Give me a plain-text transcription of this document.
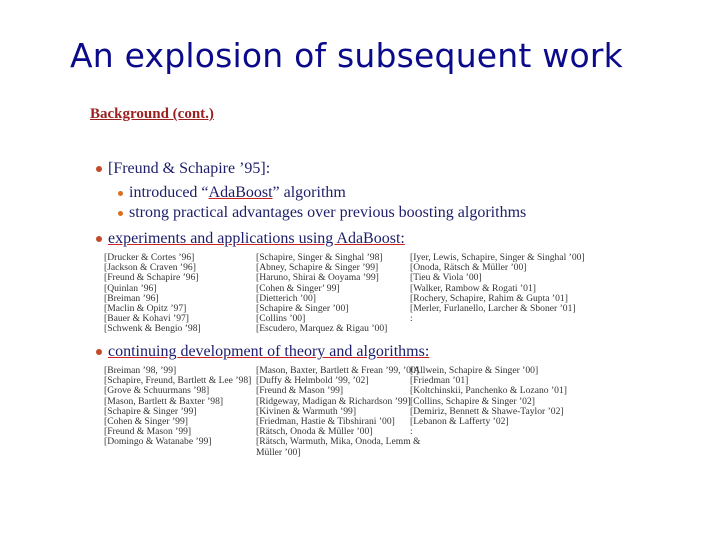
An explosion of subsequent work
Background (cont.)
[Freund & Schapire ’95]:
introduced “AdaBoost” algorithm
strong practical advantages over previous boosting algorithms
experiments and applications using AdaBoost:
[Drucker & Cortes ’96]
[Jackson & Craven ’96]
[Freund & Schapire ’96]
[Quinlan ’96]
[Breiman ’96]
[Maclin & Opitz ’97]
[Bauer & Kohavi ’97]
[Schwenk & Bengio ’98]
[Schapire, Singer & Singhal ’98]
[Abney, Schapire & Singer ’99]
[Haruno, Shirai & Ooyama ’99]
[Cohen & Singer’ 99]
[Dietterich ’00]
[Schapire & Singer ’00]
[Collins ’00]
[Escudero, Marquez & Rigau ’00]
[Iyer, Lewis, Schapire, Singer & Singhal ’00]
[Onoda, Rätsch & Müller ’00]
[Tieu & Viola ’00]
[Walker, Rambow & Rogati ’01]
[Rochery, Schapire, Rahim & Gupta ’01]
[Merler, Furlanello, Larcher & Sboner ’01]
:
continuing development of theory and algorithms:
[Breiman ’98, ’99]
[Schapire, Freund, Bartlett & Lee ’98]
[Grove & Schuurmans ’98]
[Mason, Bartlett & Baxter ’98]
[Schapire & Singer ’99]
[Cohen & Singer ’99]
[Freund & Mason ’99]
[Domingo & Watanabe ’99]
[Mason, Baxter, Bartlett & Frean ’99, ’00]
[Duffy & Helmbold ’99, ’02]
[Freund & Mason ’99]
[Ridgeway, Madigan & Richardson ’99]
[Kivinen & Warmuth ’99]
[Friedman, Hastie & Tibshirani ’00]
[Rätsch, Onoda & Müller ’00]
[Rätsch, Warmuth, Mika, Onoda, Lemm &
Müller ’00]
[Allwein, Schapire & Singer ’00]
[Friedman ’01]
[Koltchinskii, Panchenko & Lozano ’01]
[Collins, Schapire & Singer ’02]
[Demiriz, Bennett & Shawe-Taylor ’02]
[Lebanon & Lafferty ’02]
:
